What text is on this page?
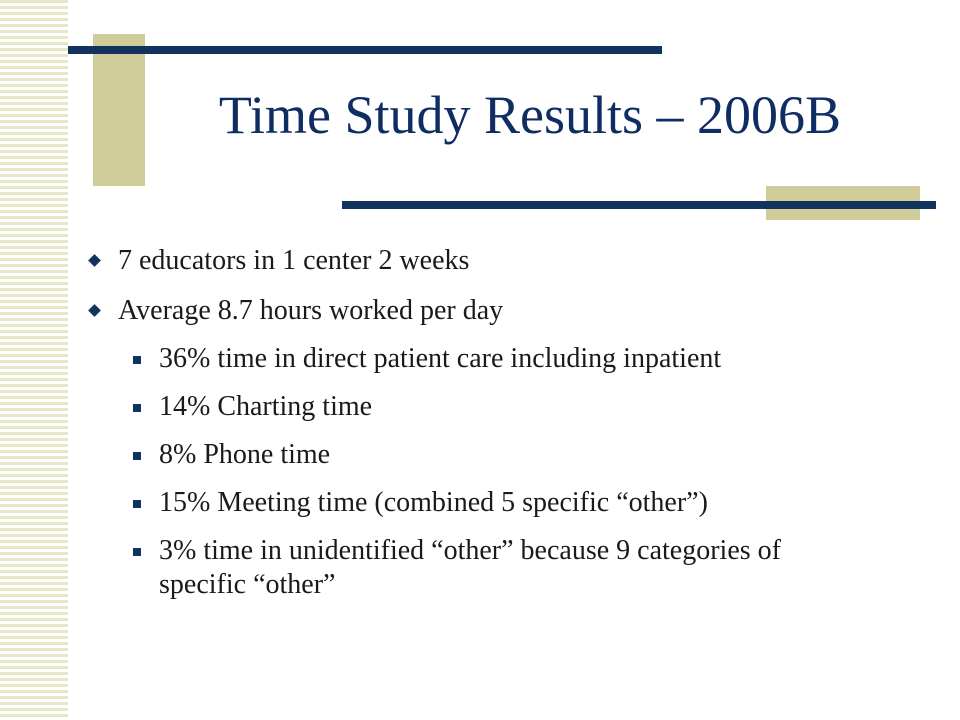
Time Study Results – 2006B
7 educators in 1 center 2 weeks
Average 8.7 hours worked per day
36% time in direct patient care including inpatient
14% Charting time
8% Phone time
15% Meeting time (combined 5 specific “other”)
3% time in unidentified “other” because 9 categories of specific “other”
